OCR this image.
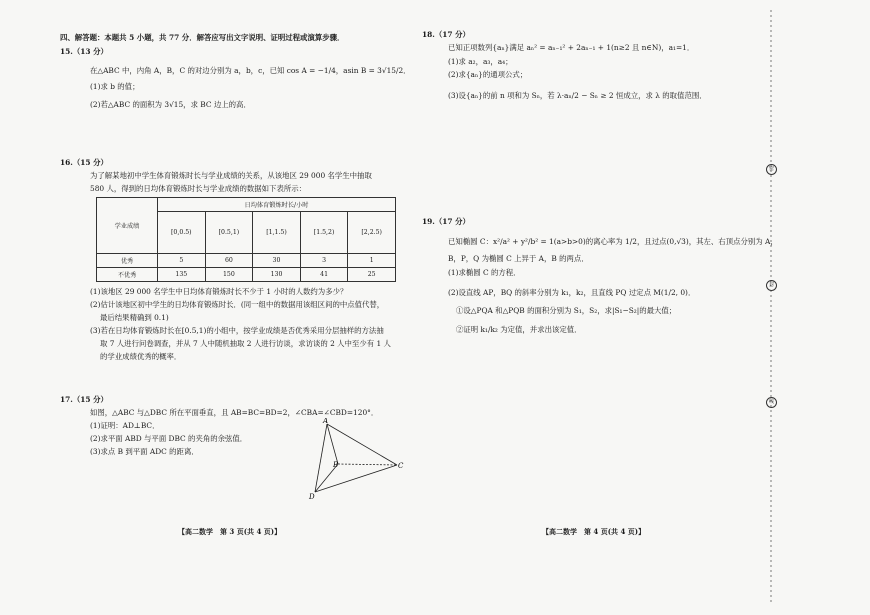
四、解答题：本题共 5 小题，共 77 分．解答应写出文字说明、证明过程或演算步骤．
15.（13 分）
在△ABC 中，内角 A，B，C 的对边分别为 a，b，c，已知 cos A = −1/4，asin B = 3√15/2．
(1)求 b 的值；
(2)若△ABC 的面积为 3√15，求 BC 边上的高．
16.（15 分）
为了解某地初中学生体育锻炼时长与学业成绩的关系，从该地区 29 000 名学生中抽取
580 人，得到的日均体育锻炼时长与学业成绩的数据如下表所示：
学业成绩	日均体育锻炼时长/小时				
	[0,0.5)	[0.5,1)	[1,1.5)	[1.5,2)	[2,2.5)
优秀	5	60	30	3	1
不优秀	135	150	130	41	25
(1)该地区 29 000 名学生中日均体育锻炼时长不少于 1 小时的人数约为多少？
(2)估计该地区初中学生的日均体育锻炼时长．(同一组中的数据用该组区间的中点值代替，
最后结果精确到 0.1)
(3)若在日均体育锻炼时长在[0.5,1)的小组中，按学业成绩是否优秀采用分层抽样的方法抽
取 7 人进行问卷调查，并从 7 人中随机抽取 2 人进行访谈，求访谈的 2 人中至少有 1 人
的学业成绩优秀的概率．
17.（15 分）
如图，△ABC 与△DBC 所在平面垂直，且 AB=BC=BD=2，∠CBA=∠CBD=120°．
(1)证明：AD⊥BC．
(2)求平面 ABD 与平面 DBC 的夹角的余弦值．
(3)求点 B 到平面 ADC 的距离．
A
B	C
D
【高二数学　第 3 页(共 4 页)】
18.（17 分）
已知正项数列{aₙ}满足 aₙ² = aₙ₋₁² + 2aₙ₋₁ + 1(n≥2 且 n∈N)，a₁=1．
(1)求 a₂，a₃，a₄；
(2)求{aₙ}的通项公式；
(3)设{aₙ}的前 n 项和为 Sₙ，若 λ·aₙ/2 − Sₙ ≥ 2 恒成立，求 λ 的取值范围．
19.（17 分）
已知椭圆 C：x²/a² + y²/b² = 1(a>b>0)的离心率为 1/2，且过点(0,√3)，其左、右顶点分别为 A，
B，P，Q 为椭圆 C 上异于 A，B 的两点．
(1)求椭圆 C 的方程．
(2)设直线 AP，BQ 的斜率分别为 k₁，k₂，且直线 PQ 过定点 M(1/2, 0)．
①设△PQA 和△PQB 的面积分别为 S₁，S₂，求|S₁−S₂|的最大值；
②证明 k₁/k₂ 为定值，并求出该定值．
【高二数学　第 4 页(共 4 页)】
密
封
线
